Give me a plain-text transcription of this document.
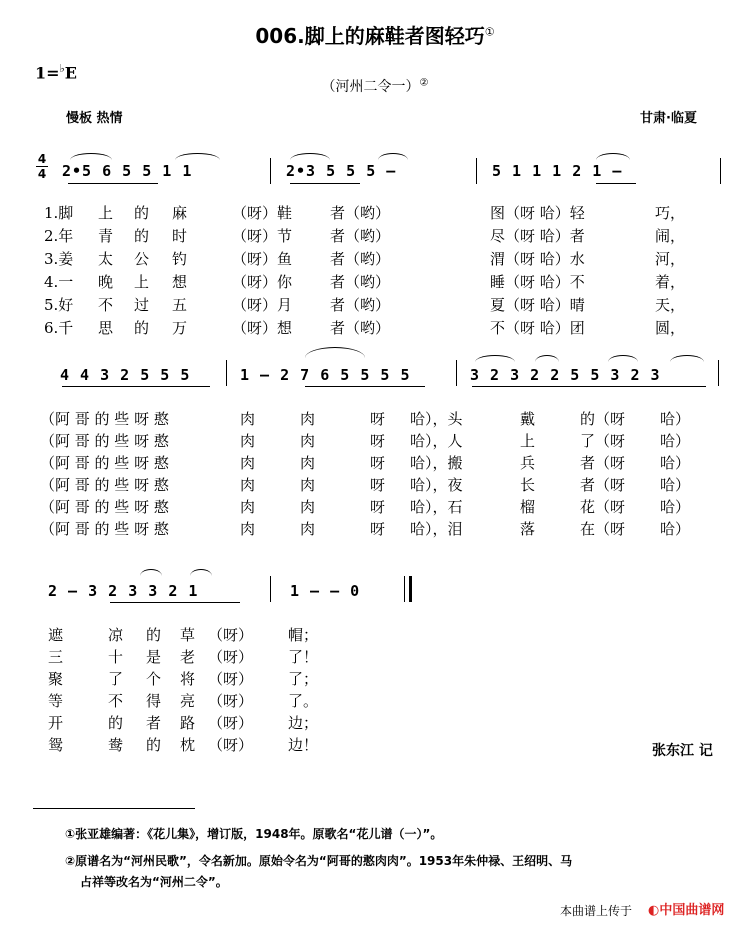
006.脚上的麻鞋者图轻巧①
1=♭E
（河州二令一）②
慢板 热情	甘肃·临夏
4
4 2•5 6 5 5 1 1	2•3 5 5 5 –	5 1 1 1 2 1 –
1.脚 上 的 麻	（呀）鞋	者（哟）	图（呀 哈）轻	巧，
2.年 青 的 时	（呀）节	者（哟）	尽（呀 哈）者	闹，
3.姜 太 公 钓	（呀）鱼	者（哟）	渭（呀 哈）水	河，
4.一 晚 上 想	（呀）你	者（哟）	睡（呀 哈）不	着，
5.好 不 过 五	（呀）月	者（哟）	夏（呀 哈）晴	天，
6.千 思 的 万	（呀）想	者（哟）	不（呀 哈）团	圆，
4 4 3 2 5 5 5	1 – 2 7 6 5 5 5 5	3 2 3 2 2 5 5 3 2 3
（阿 哥 的 些 呀 憨	肉	肉	呀 哈），头	戴	的（呀 哈）
（阿 哥 的 些 呀 憨	肉	肉	呀 哈），人	上	了（呀 哈）
（阿 哥 的 些 呀 憨	肉	肉	呀 哈），搬	兵	者（呀 哈）
（阿 哥 的 些 呀 憨	肉	肉	呀 哈），夜	长	者（呀 哈）
（阿 哥 的 些 呀 憨	肉	肉	呀 哈），石	榴	花（呀 哈）
（阿 哥 的 些 呀 憨	肉	肉	呀 哈），泪	落	在（呀 哈）
2 – 3 2 3 3 2 1	1 – – 0
遮	凉 的 草 （呀） 帽；
三	十 是 老 （呀） 了！
聚	了 个 将 （呀） 了；
等	不 得 亮 （呀） 了。
开	的 者 路 （呀） 边；
鸳	鸯 的 枕 （呀） 边！	张东江 记
①张亚雄编著：《花儿集》，增订版，1948年。原歌名“花儿谱（一）”。
②原谱名为“河州民歌”，令名新加。原始令名为“阿哥的憨肉肉”。1953年朱仲禄、王绍明、马
占祥等改名为“河州二令”。
本曲谱上传于 ◐中国曲谱网
